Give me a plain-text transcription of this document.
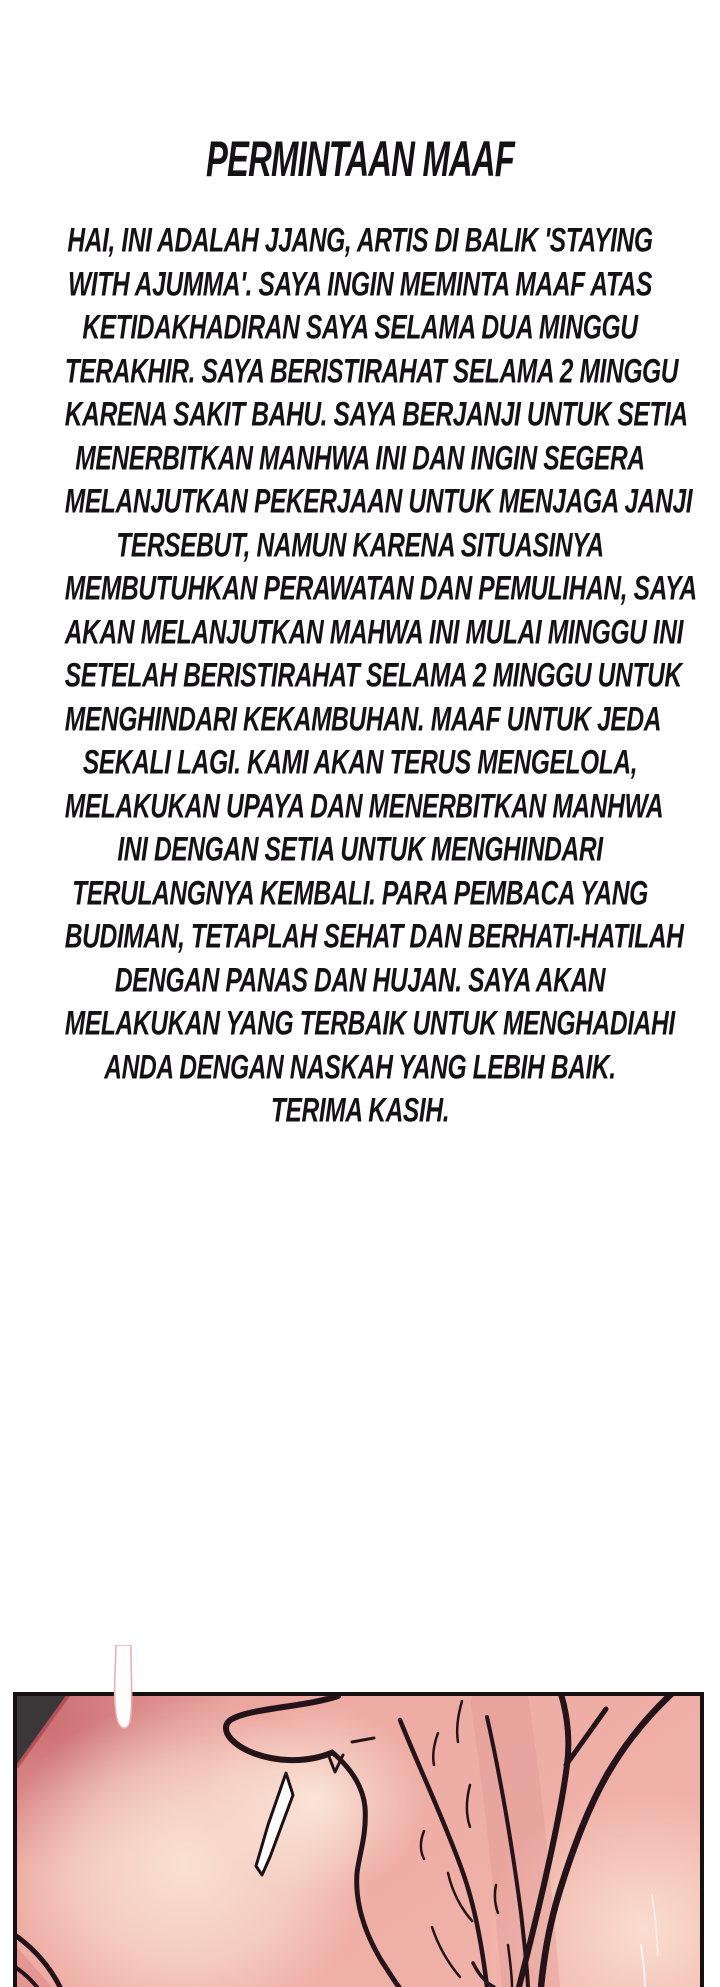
PERMINTAAN MAAF
HAI, INI ADALAH JJANG, ARTIS DI BALIK 'STAYING
WITH AJUMMA'. SAYA INGIN MEMINTA MAAF ATAS
KETIDAKHADIRAN SAYA SELAMA DUA MINGGU
TERAKHIR. SAYA BERISTIRAHAT SELAMA 2 MINGGU
KARENA SAKIT BAHU. SAYA BERJANJI UNTUK SETIA
MENERBITKAN MANHWA INI DAN INGIN SEGERA
MELANJUTKAN PEKERJAAN UNTUK MENJAGA JANJI
TERSEBUT, NAMUN KARENA SITUASINYA
MEMBUTUHKAN PERAWATAN DAN PEMULIHAN, SAYA
AKAN MELANJUTKAN MAHWA INI MULAI MINGGU INI
SETELAH BERISTIRAHAT SELAMA 2 MINGGU UNTUK
MENGHINDARI KEKAMBUHAN. MAAF UNTUK JEDA
SEKALI LAGI. KAMI AKAN TERUS MENGELOLA,
MELAKUKAN UPAYA DAN MENERBITKAN MANHWA
INI DENGAN SETIA UNTUK MENGHINDARI
TERULANGNYA KEMBALI. PARA PEMBACA YANG
BUDIMAN, TETAPLAH SEHAT DAN BERHATI-HATILAH
DENGAN PANAS DAN HUJAN. SAYA AKAN
MELAKUKAN YANG TERBAIK UNTUK MENGHADIAHI
ANDA DENGAN NASKAH YANG LEBIH BAIK.
TERIMA KASIH.
